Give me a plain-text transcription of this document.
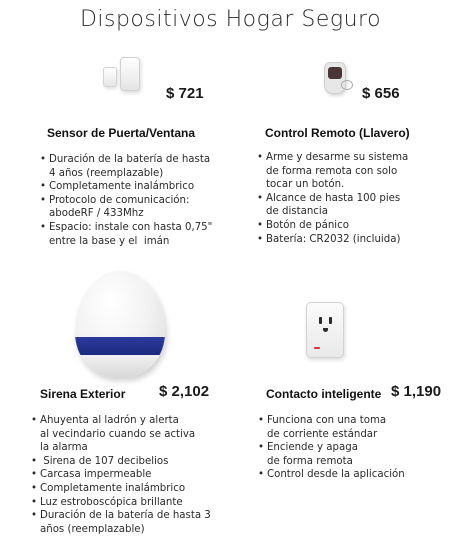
Dispositivos Hogar Seguro
$ 721
Sensor de Puerta/Ventana
• Duración de la batería de hasta
4 años (reemplazable)
• Completamente inalámbrico
• Protocolo de comunicación:
abodeRF / 433Mhz
• Espacio: instale con hasta 0,75"
entre la base y el  imán
$ 656
Control Remoto (Llavero)
• Arme y desarme su sistema
de forma remota con solo
tocar un botón.
• Alcance de hasta 100 pies
de distancia
• Botón de pánico
• Batería: CR2032 (incluida)
Sirena Exterior $ 2,102
• Ahuyenta al ladrón y alerta
al vecindario cuando se activa
la alarma
•  Sirena de 107 decibelios
• Carcasa impermeable
• Completamente inalámbrico
• Luz estroboscópica brillante
• Duración de la batería de hasta 3
años (reemplazable)
Contacto inteligente $ 1,190
• Funciona con una toma
de corriente estándar
• Enciende y apaga
de forma remota
• Control desde la aplicación
